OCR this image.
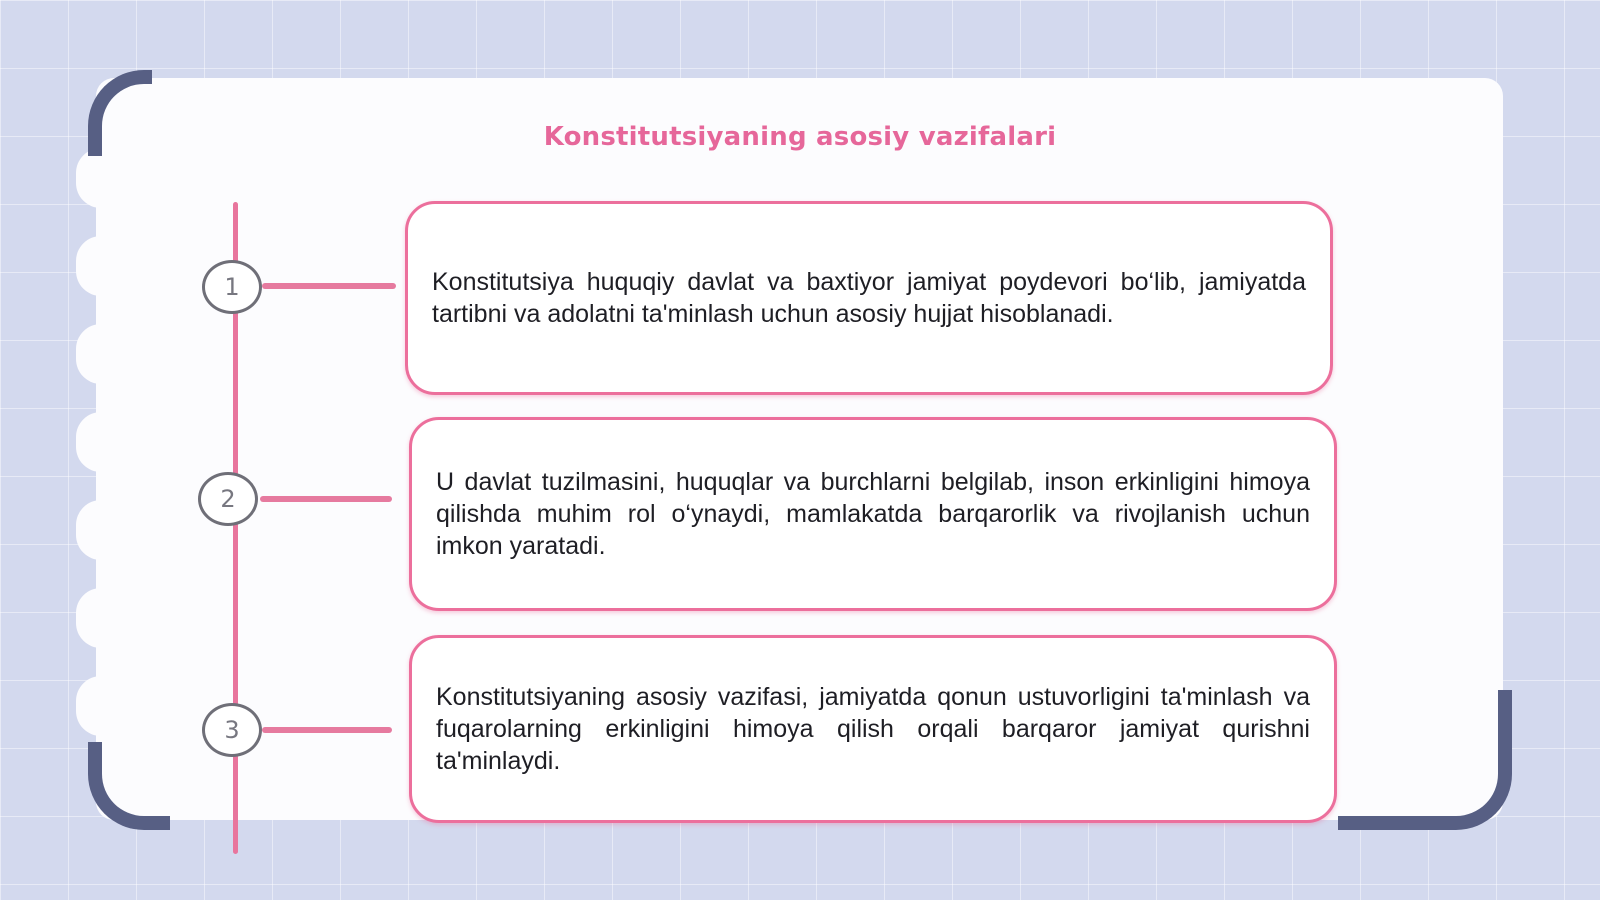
Konstitutsiyaning asosiy vazifalari
1
2
3
Konstitutsiya huquqiy davlat va baxtiyor jamiyat poydevori bo‘lib, jamiyatda tartibni va adolatni ta'minlash uchun asosiy hujjat hisoblanadi.
U davlat tuzilmasini, huquqlar va burchlarni belgilab, inson erkinligini himoya qilishda muhim rol o‘ynaydi, mamlakatda barqarorlik va rivojlanish uchun imkon yaratadi.
Konstitutsiyaning asosiy vazifasi, jamiyatda qonun ustuvorligini ta'minlash va fuqarolarning erkinligini himoya qilish orqali barqaror jamiyat qurishni ta'minlaydi.
